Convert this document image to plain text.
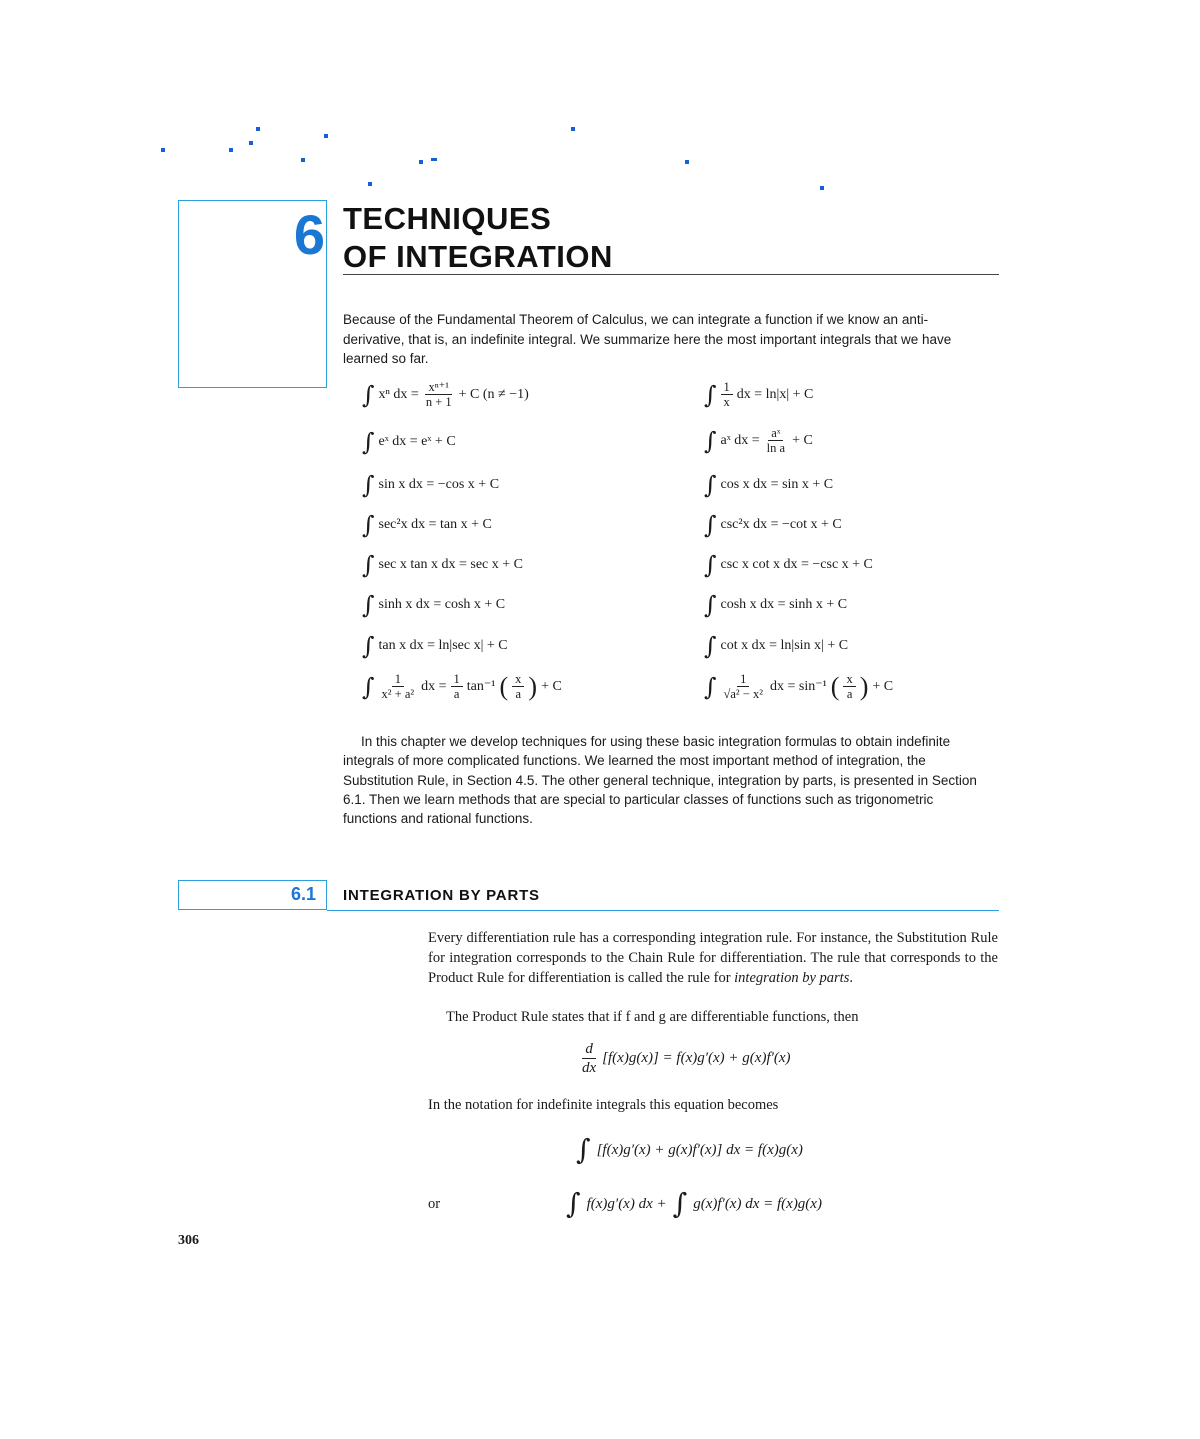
6 TECHNIQUES
OF INTEGRATION
Because of the Fundamental Theorem of Calculus, we can integrate a function if we know an anti-derivative, that is, an indefinite integral. We summarize here the most important integrals that we have learned so far.
∫ xⁿ dx = $\frac{\text{xⁿ⁺¹}}{n + 1} + C$ (n ≠ −1)	∫ $\frac{1}{x}$ dx = ln|x| + C
∫ eˣ dx = eˣ + C	∫ aˣ dx = $\frac{\text{aˣ}}{\text{ln a}} + C$
∫ sin x dx = −cos x + C	∫ cos x dx = sin x + C
∫ sec²x dx = tan x + C	∫ csc²x dx = −cot x + C
∫ sec x tan x dx = sec x + C	∫ csc x cot x dx = −csc x + C
∫ sinh x dx = cosh x + C	∫ cosh x dx = sinh x + C
∫ tan x dx = ln|sec x| + C	∫ cot x dx = ln|sin x| + C
∫ $\frac{1}{\text{x² + a²}}$ dx = $\frac{1}{a} \tan^{-1}$ ( $\frac{x}{a}$ ) + C	∫ $\frac{1}{\text{√a² − x²}}$ dx = sin⁻¹ ( $\frac{x}{a}$ ) + C
In this chapter we develop techniques for using these basic integration formulas to obtain indefinite integrals of more complicated functions. We learned the most important method of integration, the Substitution Rule, in Section 4.5. The other general technique, integration by parts, is presented in Section 6.1. Then we learn methods that are special to particular classes of functions such as trigonometric functions and rational functions.
6.1 INTEGRATION BY PARTS
Every differentiation rule has a corresponding integration rule. For instance, the Substitution Rule for integration corresponds to the Chain Rule for differentiation. The rule that corresponds to the Product Rule for differentiation is called the rule for integration by parts.
The Product Rule states that if f and g are differentiable functions, then
$\frac{d}{dx} [f(x)g(x)] = f(x)g'(x) + g(x)f'(x)$
In the notation for indefinite integrals this equation becomes
∫ [f(x)g′(x) + g(x)f′(x)] dx = f(x)g(x)
or	∫ f(x)g′(x) dx + ∫ g(x)f′(x) dx = f(x)g(x)
306
